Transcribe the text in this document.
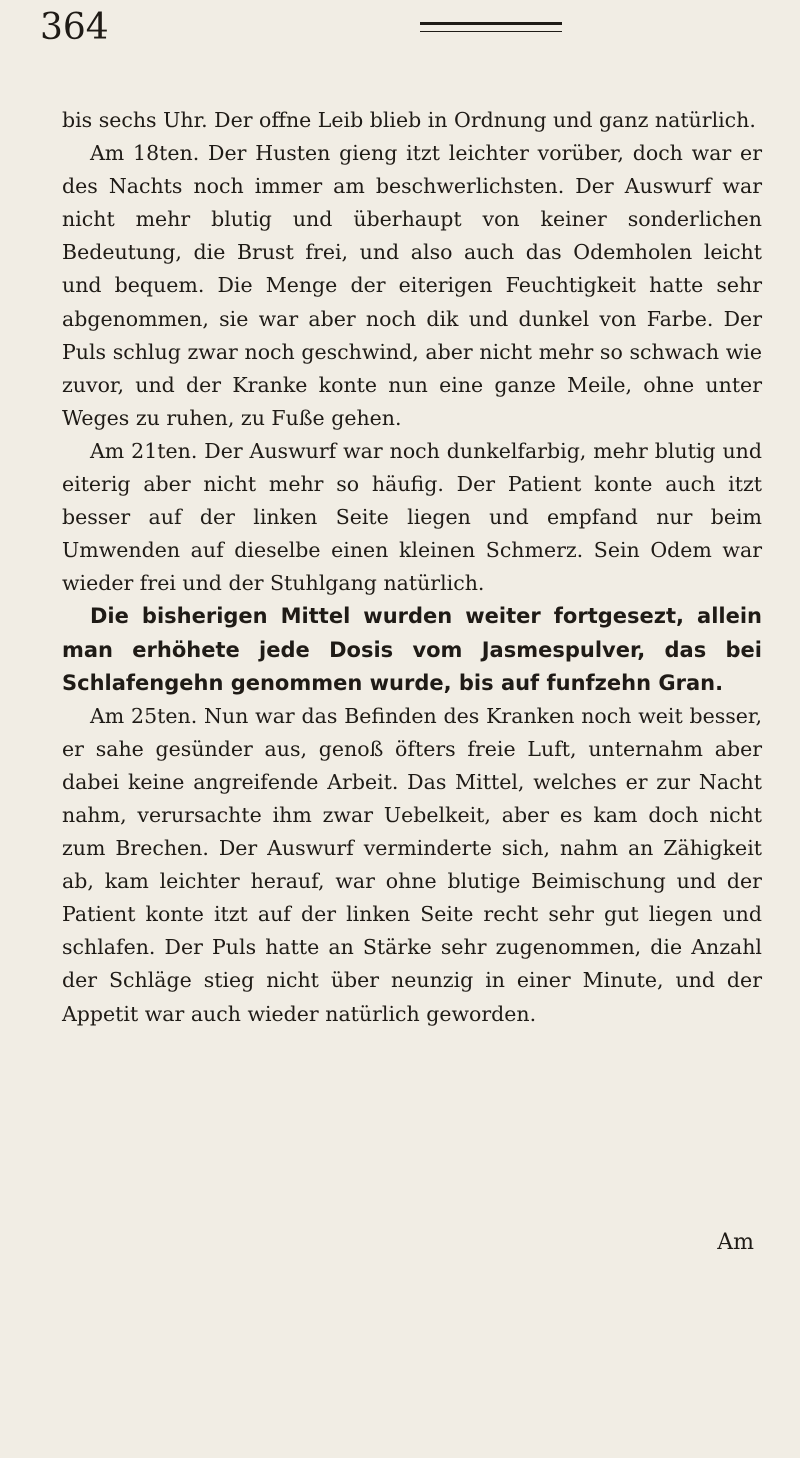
364

bis sechs Uhr. Der offne Leib blieb in Ordnung und ganz natürlich.

Am 18ten. Der Husten gieng itzt leichter vorüber, doch war er des Nachts noch immer am beschwerlichsten. Der Auswurf war nicht mehr blutig und überhaupt von keiner sonderlichen Bedeutung, die Brust frei, und also auch das Odemholen leicht und bequem. Die Menge der eiterigen Feuchtigkeit hatte sehr abgenommen, sie war aber noch dik und dunkel von Farbe. Der Puls schlug zwar noch geschwind, aber nicht mehr so schwach wie zuvor, und der Kranke konte nun eine ganze Meile, ohne unter Weges zu ruhen, zu Fuße gehen.

Am 21ten. Der Auswurf war noch dunkelfarbig, mehr blutig und eiterig aber nicht mehr so häufig. Der Patient konte auch itzt besser auf der linken Seite liegen und empfand nur beim Umwenden auf dieselbe einen kleinen Schmerz. Sein Odem war wieder frei und der Stuhlgang natürlich.

Die bisherigen Mittel wurden weiter fortgesezt, allein man erhöhete jede Dosis vom Jasmespulver, das bei Schlafengehn genommen wurde, bis auf funfzehn Gran.

Am 25ten. Nun war das Befinden des Kranken noch weit besser, er sahe gesünder aus, genoß öfters freie Luft, unternahm aber dabei keine angreifende Arbeit. Das Mittel, welches er zur Nacht nahm, verursachte ihm zwar Uebelkeit, aber es kam doch nicht zum Brechen. Der Auswurf verminderte sich, nahm an Zähigkeit ab, kam leichter herauf, war ohne blutige Beimischung und der Patient konte itzt auf der linken Seite recht sehr gut liegen und schlafen. Der Puls hatte an Stärke sehr zugenommen, die Anzahl der Schläge stieg nicht über neunzig in einer Minute, und der Appetit war auch wieder natürlich geworden.

Am
